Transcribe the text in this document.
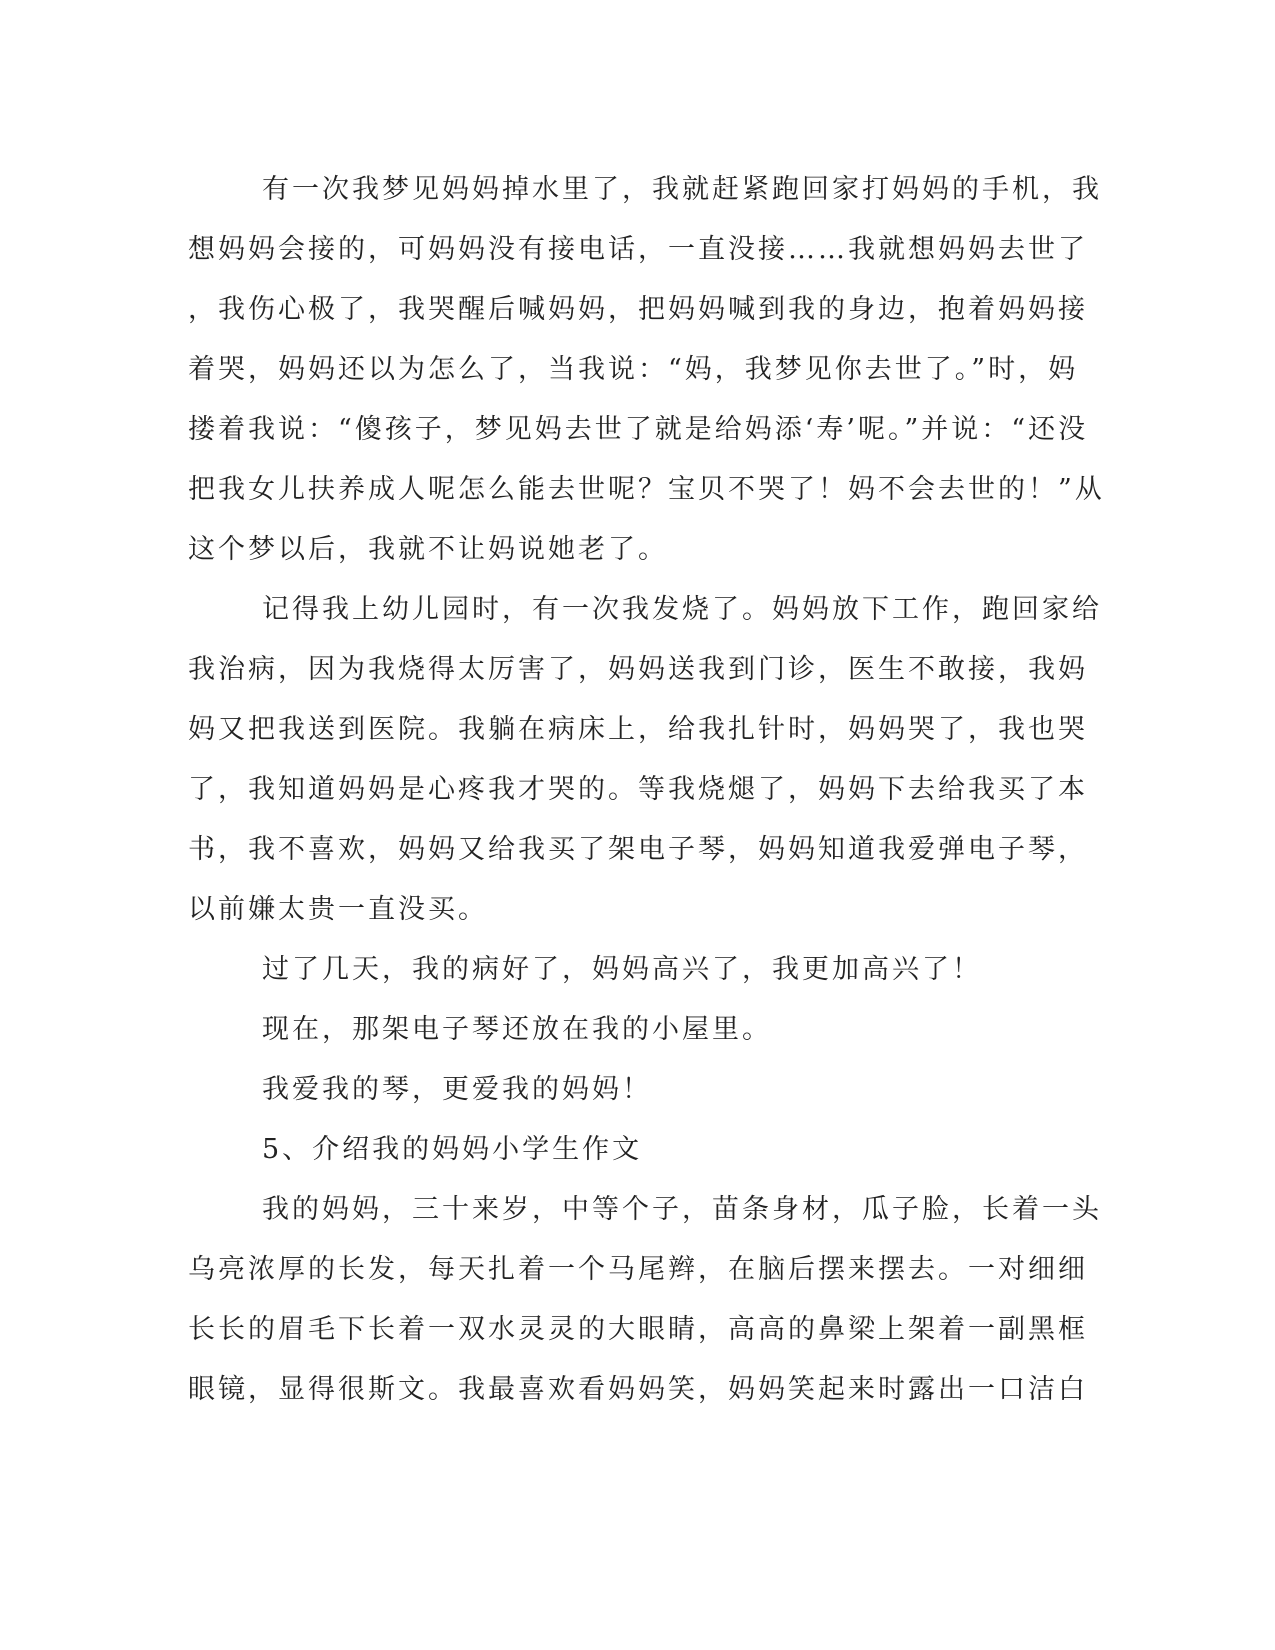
有一次我梦见妈妈掉水里了，我就赶紧跑回家打妈妈的手机，我
想妈妈会接的，可妈妈没有接电话，一直没接……我就想妈妈去世了
，我伤心极了，我哭醒后喊妈妈，把妈妈喊到我的身边，抱着妈妈接
着哭，妈妈还以为怎么了，当我说：“妈，我梦见你去世了。”时，妈
搂着我说：“傻孩子，梦见妈去世了就是给妈添‘寿’呢。”并说：“还没
把我女儿扶养成人呢怎么能去世呢？宝贝不哭了！妈不会去世的！”从
这个梦以后，我就不让妈说她老了。
记得我上幼儿园时，有一次我发烧了。妈妈放下工作，跑回家给
我治病，因为我烧得太厉害了，妈妈送我到门诊，医生不敢接，我妈
妈又把我送到医院。我躺在病床上，给我扎针时，妈妈哭了，我也哭
了，我知道妈妈是心疼我才哭的。等我烧煺了，妈妈下去给我买了本
书，我不喜欢，妈妈又给我买了架电子琴，妈妈知道我爱弹电子琴，
以前嫌太贵一直没买。
过了几天，我的病好了，妈妈高兴了，我更加高兴了！
现在，那架电子琴还放在我的小屋里。
我爱我的琴，更爱我的妈妈！
5、介绍我的妈妈小学生作文
我的妈妈，三十来岁，中等个子，苗条身材，瓜子脸，长着一头
乌亮浓厚的长发，每天扎着一个马尾辫，在脑后摆来摆去。一对细细
长长的眉毛下长着一双水灵灵的大眼睛，高高的鼻梁上架着一副黑框
眼镜，显得很斯文。我最喜欢看妈妈笑，妈妈笑起来时露出一口洁白
